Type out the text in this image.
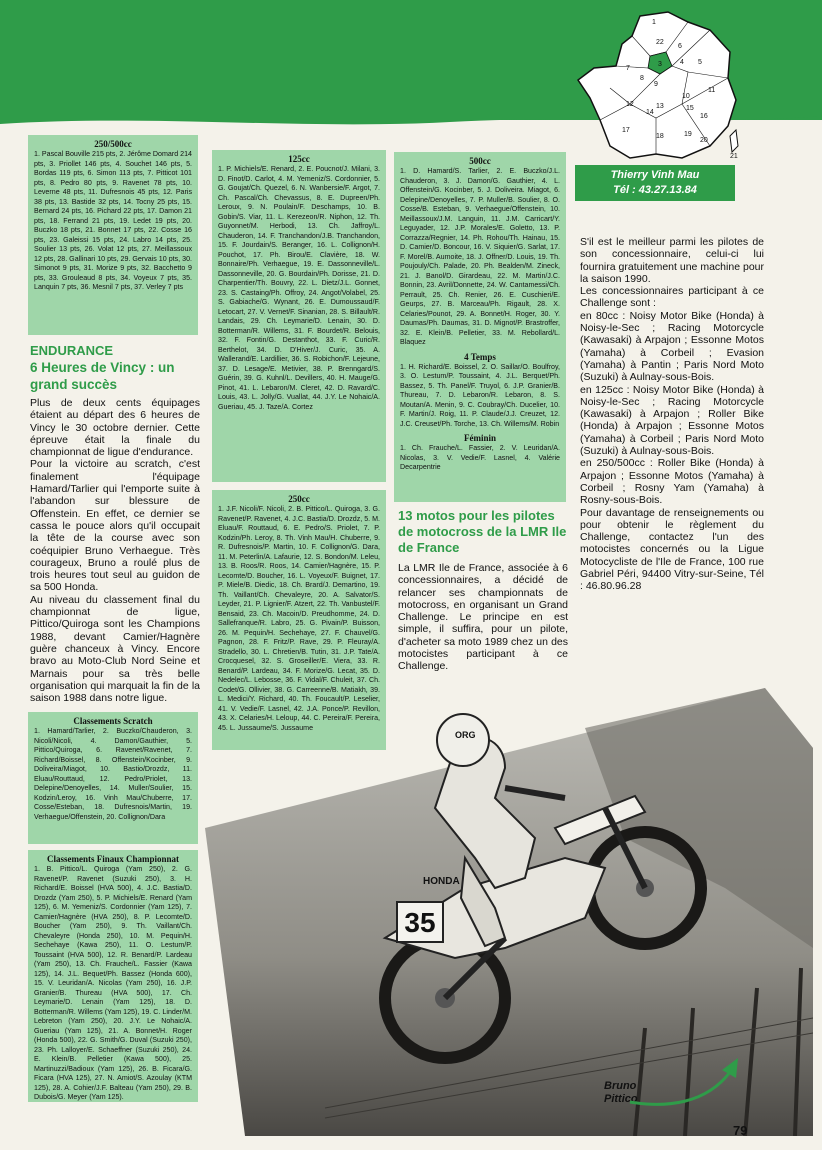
1
22
3	4 5
6
7
8
9
10
11
12	13
14
15
16
17
18	19
20
21
Thierry Vinh Mau
Tél : 43.27.13.84
250/500cc
1. Pascal Bouville 215 pts, 2. Jérôme Domard 214 pts, 3. Priollet 146 pts, 4. Souchet 146 pts, 5. Bordas 119 pts, 6. Simon 113 pts, 7. Pitticot 101 pts, 8. Pedro 80 pts, 9. Ravenet 78 pts, 10. Leverne 48 pts, 11. Dufresnois 45 pts, 12. Paris 38 pts, 13. Bastide 32 pts, 14. Tocny 25 pts, 15. Bernard 24 pts, 16. Pichard 22 pts, 17. Damon 21 pts, 18. Ferrand 21 pts, 19. Ledet 19 pts, 20. Buczko 18 pts, 21. Bonnet 17 pts, 22. Cosse 16 pts, 23. Galeissi 15 pts, 24. Labro 14 pts, 25. Soulier 13 pts, 26. Volat 12 pts, 27. Meillassoux 12 pts, 28. Gallinari 10 pts, 29. Gervais 10 pts, 30. Simonot 9 pts, 31. Morize 9 pts, 32. Bacchetto 9 pts, 33. Grouleaud 8 pts, 34. Voyeux 7 pts, 35. Lanquin 7 pts, 36. Mesnil 7 pts, 37. Verley 7 pts
ENDURANCE
6 Heures de Vincy : un grand succès
Plus de deux cents équipages étaient au départ des 6 heures de Vincy le 30 octobre dernier. Cette épreuve était la finale du championnat de ligue d'endurance.
Pour la victoire au scratch, c'est finalement l'équipage Hamard/Tarlier qui l'emporte suite à l'abandon sur blessure de Offenstein. En effet, ce dernier se cassa le pouce alors qu'il occupait la tête de la course avec son coéquipier Bruno Verhaegue. Très courageux, Bruno a roulé plus de trois heures tout seul au guidon de sa 500 Honda.
Au niveau du classement final du championnat de ligue, Pittico/Quiroga sont les Champions 1988, devant Camier/Hagnère guère chanceux à Vincy. Encore bravo au Moto-Club Nord Seine et Marnais pour sa très belle organisation qui marquait la fin de la saison 1988 dans notre ligue.
Classements Scratch
1. Hamard/Tarlier, 2. Buczko/Chauderon, 3. Nicoli/Nicoli, 4. Damon/Gauthier, 5. Pittico/Quiroga, 6. Ravenet/Ravenet, 7. Richard/Boissel, 8. Offenstein/Kocinber, 9. Doliveira/Miagot, 10. Bastio/Drozdz, 11. Eluau/Routtaud, 12. Pedro/Priolet, 13. Delepine/Denoyelles, 14. Muller/Soulier, 15. Kodzin/Leroy, 16. Vinh Mau/Chuberre, 17. Cosse/Esteban, 18. Dufresnois/Martin, 19. Verhaegue/Offenstein, 20. Collignon/Dara
Classements Finaux Championnat
1. B. Pittico/L. Quiroga (Yam 250), 2. G. Ravenet/P. Ravenet (Suzuki 250), 3. H. Richard/E. Boissel (HVA 500), 4. J.C. Bastia/D. Drozdz (Yam 250), 5. P. Michiels/E. Renard (Yam 125), 6. M. Yemeniz/S. Cordonnier (Yam 125), 7. Camier/Hagnère (HVA 250), 8. P. Lecomte/D. Boucher (Yam 250), 9. Th. Vaillant/Ch. Chevaleyre (Honda 250), 10. M. Pequin/H. Sechehaye (Kawa 250), 11. O. Lestum/P. Toussaint (HVA 500), 12. R. Benard/P. Lardeau (Yam 250), 13. Ch. Frauche/L. Fassier (Kawa 125), 14. J.L. Bequet/Ph. Bassez (Honda 600), 15. V. Leuridan/A. Nicolas (Yam 250), 16. J.P. Granier/B. Thureau (HVA 500), 17. Ch. Leymarie/D. Lenain (Yam 125), 18. D. Botterman/R. Willems (Yam 125), 19. C. Linder/M. Lebreton (Yam 250), 20. J.Y. Le Nohaic/A. Gueriau (Yam 125), 21. A. Bonnet/H. Roger (Honda 500), 22. G. Smith/G. Duval (Suzuki 250), 23. Ph. Lalloyer/E. Schaeffner (Suzuki 250), 24. E. Klein/B. Pelletier (Kawa 500), 25. Martinuzzi/Badioux (Yam 125), 26. B. Ficara/G. Ficara (HVA 125), 27. N. Amiot/S. Azoulay (KTM 125), 28. A. Cohier/J.F. Balteau (Yam 250), 29. B. Dubois/G. Meyer (Yam 125).
125cc
1. P. Michiels/E. Renard, 2. E. Poucnot/J. Milani, 3. D. Finot/D. Carlot, 4. M. Yemeniz/S. Cordonnier, 5. G. Goujat/Ch. Quezel, 6. N. Wanbersie/F. Argot, 7. Ch. Pascal/Ch. Chevassus, 8. E. Dupreen/Ph. Leroux, 9. N. Poulain/F. Deschamps, 10. B. Gobin/S. Viar, 11. L. Kerezeon/R. Niphon, 12. Th. Guyonnet/M. Herbodi, 13. Ch. Jaffroy/L. Chauderon, 14. F. Tranchandon/J.B. Tranchandon, 15. F. Jourdain/S. Beranger, 16. L. Collignon/H. Pouchot, 17. Ph. Birou/E. Clavière, 18. W. Bonnaire/Ph. Verhaegue, 19. E. Dassonneville/L. Dassonneville, 20. G. Bourdain/Ph. Dorisse, 21. D. Charpentier/Th. Bouvry, 22. L. Dietz/J.L. Gonnet, 23. S. Castaing/Ph. Offroy, 24. Angot/Volabel, 25. S. Gabiache/G. Wynant, 26. E. Dumoussaud/F. Letocart, 27. V. Vernet/F. Sinanian, 28. S. Billault/R. Landais, 29. Ch. Leymarie/D. Lenain, 30. D. Botterman/R. Willems, 31. F. Bourdet/R. Belouis, 32. F. Fontin/G. Destanthot, 33. F. Curic/R. Berthelot, 34. D. D'Hiver/J. Curic, 35. A. Wallerand/E. Lardillier, 36. S. Robichon/F. Lejeune, 37. D. Lesage/E. Metivier, 38. P. Brenngard/S. Guérin, 39. G. Kuhnl/L. Devillers, 40. H. Mauge/G. Pinot, 41. L. Lebaron/M. Cleret, 42. D. Ravard/C. Louis, 43. L. Jolly/G. Vuallat, 44. J.Y. Le Nohaic/A. Gueriau, 45. J. Taze/A. Cortez
250cc
1. J.F. Nicoli/F. Nicoli, 2. B. Pittico/L. Quiroga, 3. G. Ravenet/P. Ravenet, 4. J.C. Bastia/D. Drozdz, 5. M. Eluau/F. Routtaud, 6. E. Pedro/S. Priolet, 7. P. Kodzin/Ph. Leroy, 8. Th. Vinh Mau/H. Chuberre, 9. R. Dufresnois/P. Martin, 10. F. Collignon/G. Dara, 11. M. Peterlin/A. Lafaurie, 12. S. Bondon/M. Leleu, 13. B. Roos/R. Roos, 14. Camier/Hagnère, 15. P. Lecomte/D. Boucher, 16. L. Voyeux/F. Buignet, 17. P. Miele/B. Diedic, 18. Ch. Brard/J. Demartino, 19. Th. Vaillant/Ch. Chevaleyre, 20. A. Salvator/S. Leyder, 21. P. Lignier/F. Atzert, 22. Th. Vanbustel/F. Bensaid, 23. Ch. Macoin/D. Preudhomme, 24. D. Sallefranque/R. Labro, 25. G. Pivain/P. Buisson, 26. M. Pequin/H. Sechehaye, 27. F. Chauvel/G. Pagnon, 28. F. Fritz/P. Rave, 29. P. Fleuray/A. Stradello, 30. L. Chretien/B. Tutin, 31. J.P. Tate/A. Crocquesel, 32. S. Groseiller/E. Viera, 33. R. Benard/P. Lardeau, 34. F. Morize/G. Lecat, 35. D. Nedelec/L. Lebosse, 36. F. Vidal/F. Chuleit, 37. Ch. Codet/G. Ollivier, 38. G. Carreenne/B. Matiakh, 39. L. Medici/Y. Richard, 40. Th. Foucault/P. Leselier, 41. V. Vedie/F. Lasnel, 42. J.A. Ponce/P. Revillon, 43. X. Celaries/H. Leloup, 44. C. Pereira/F. Pereira, 45. L. Jussaume/S. Jussaume
500cc
1. D. Hamard/S. Tarlier, 2. E. Buczko/J.L. Chauderon, 3. J. Damon/G. Gauthier, 4. L. Offenstein/G. Kocinber, 5. J. Doliveira. Miagot, 6. Delepine/Denoyelles, 7. P. Muller/B. Soulier, 8. O. Cosse/B. Esteban, 9. Verhaegue/Offenstein, 10. Meillassoux/J.M. Languin, 11. J.M. Carricart/Y. Leguyader, 12. J.P. Morales/E. Goletto, 13. P. Corrazza/Regnier, 14. Ph. Rohou/Th. Hainau, 15. D. Camier/D. Boncour, 16. V. Siquier/G. Sarlat, 17. F. Morel/B. Aumoite, 18. J. Offner/D. Louis, 19. Th. Poujouly/Ch. Palade, 20. Ph. Bealden/M. Zineck, 21. J. Banol/D. Girardeau, 22. M. Martin/J.C. Bonnin, 23. Avril/Donnette, 24. W. Cantamessi/Ch. Perrault, 25. Ch. Renier, 26. E. Cuschieri/E. Geurps, 27. B. Marceau/Ph. Rigault, 28. X. Celaries/Pounot, 29. A. Bonnet/H. Roger, 30. Y. Daumas/Ph. Daumas, 31. D. Mignot/P. Brastroffer, 32. E. Klein/B. Pelletier, 33. M. Rebollard/L. Blaquez
4 Temps
1. H. Richard/E. Boissel, 2. O. Saillar/O. Boulfroy, 3. O. Lestum/P. Toussaint, 4. J.L. Berquet/Ph. Bassez, 5. Th. Panel/F. Truyol, 6. J.P. Granier/B. Thureau, 7. D. Lebaron/R. Lebaron, 8. S. Moutan/A. Menin, 9. C. Coubray/Ch. Ducelier, 10. F. Martin/J. Roig, 11. P. Claude/J.J. Creuzet, 12. J.C. Creuset/Ph. Torche, 13. Ch. Willems/M. Robin
Féminin
1. Ch. Frauche/L. Fassier, 2. V. Leuridan/A. Nicolas, 3. V. Vedie/F. Lasnel, 4. Valérie Decarpentrie
13 motos pour les pilotes de motocross de la LMR Ile de France
La LMR Ile de France, associée à 6 concessionnaires, a décidé de relancer ses championnats de motocross, en organisant un Grand Challenge. Le principe en est simple, il suffira, pour un pilote, d'acheter sa moto 1989 chez un des motocistes participant à ce Challenge.
S'il est le meilleur parmi les pilotes de son concessionnaire, celui-ci lui fournira gratuitement une machine pour la saison 1990.
Les concessionnaires participant à ce Challenge sont :
en 80cc : Noisy Motor Bike (Honda) à Noisy-le-Sec ; Racing Motorcycle (Kawasaki) à Arpajon ; Essonne Motos (Yamaha) à Corbeil ; Evasion (Yamaha) à Pantin ; Paris Nord Moto (Suzuki) à Aulnay-sous-Bois.
en 125cc : Noisy Motor Bike (Honda) à Noisy-le-Sec ; Racing Motorcycle (Kawasaki) à Arpajon ; Roller Bike (Honda) à Arpajon ; Essonne Motos (Yamaha) à Corbeil ; Paris Nord Moto (Suzuki) à Aulnay-sous-Bois.
en 250/500cc : Roller Bike (Honda) à Arpajon ; Essonne Motos (Yamaha) à Corbeil ; Rosny Yam (Yamaha) à Rosny-sous-Bois.
Pour davantage de renseignements ou pour obtenir le règlement du Challenge, contactez l'un des motocistes concernés ou la Ligue Motocycliste de l'Ile de France, 100 rue Gabriel Péri, 94400 Vitry-sur-Seine, Tél : 46.80.96.28
35
HONDA
ORG
Bruno
Pittico
79
